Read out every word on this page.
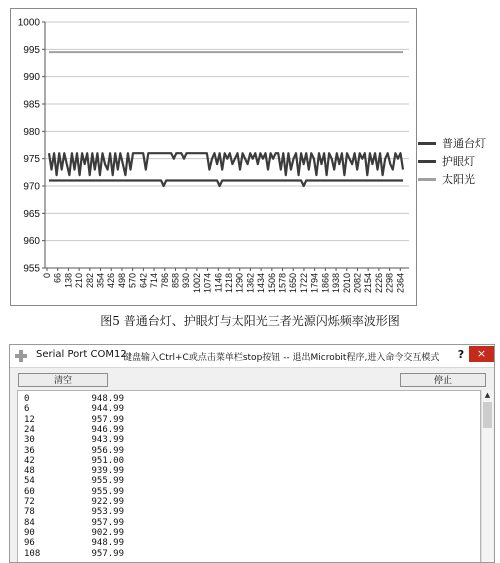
955
960
965
970
975
980
985
990
995
1000
0 66 138 210 282 354 426 498 570 642 714 786 858 930 1002 1074 1146 1218 1290 1362 1434 1506 1578 1650 1722 1794 1866 1938 2010 2082 2154 2226 2298 2364
普通台灯
护眼灯
太阳光
图5 普通台灯、护眼灯与太阳光三者光源闪烁频率波形图
Serial Port COM12
键盘输入Ctrl+C或点击菜单栏stop按钮 -- 退出Microbit程序,进入命令交互模式	?	×
清空	停止
0	948.99
6	944.99
12	957.99
24	946.99
30	943.99
36	956.99
42	951.00
48	939.99
54	955.99
60	955.99
72	922.99
78	953.99
84	957.99
90	902.99
96	948.99
108	957.99
▲
